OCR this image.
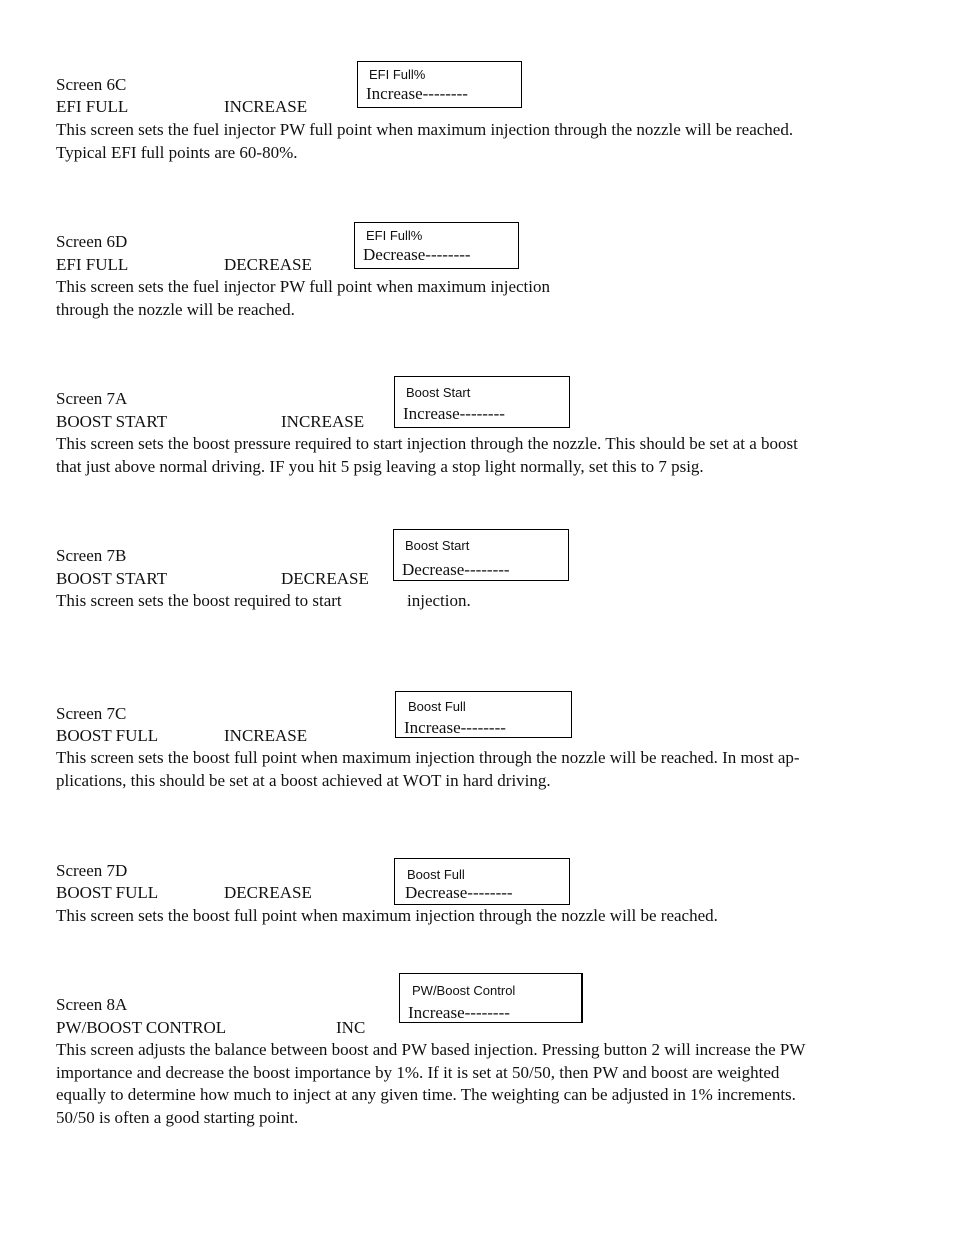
Screen 6C
EFI FULL	INCREASE
EFI Full%
Increase--------
This screen sets the fuel injector PW full point when maximum injection through the nozzle will be reached.
Typical EFI full points are 60-80%.
Screen 6D
EFI FULL	DECREASE
EFI Full%
Decrease--------
This screen sets the fuel injector PW full point when maximum injection
through the nozzle will be reached.
Screen 7A
BOOST START	INCREASE
Boost Start
Increase--------
This screen sets the boost pressure required to start injection through the nozzle. This should be set at a boost
that just above normal driving. IF you hit 5 psig leaving a stop light normally, set this to 7 psig.
Screen 7B
BOOST START	DECREASE
Boost Start
Decrease--------
This screen sets the boost required to start	injection.
Screen 7C
BOOST FULL	INCREASE
Boost Full
Increase--------
This screen sets the boost full point when maximum injection through the nozzle will be reached. In most ap-
plications, this should be set at a boost achieved at WOT in hard driving.
Screen 7D
BOOST FULL	DECREASE
Boost Full
Decrease--------
This screen sets the boost full point when maximum injection through the nozzle will be reached.
Screen 8A
PW/BOOST CONTROL	INC
PW/Boost Control
Increase--------
This screen adjusts the balance between boost and PW based injection. Pressing button 2 will increase the PW
importance and decrease the boost importance by 1%. If it is set at 50/50, then PW and boost are weighted
equally to determine how much to inject at any given time. The weighting can be adjusted in 1% increments.
50/50 is often a good starting point.
